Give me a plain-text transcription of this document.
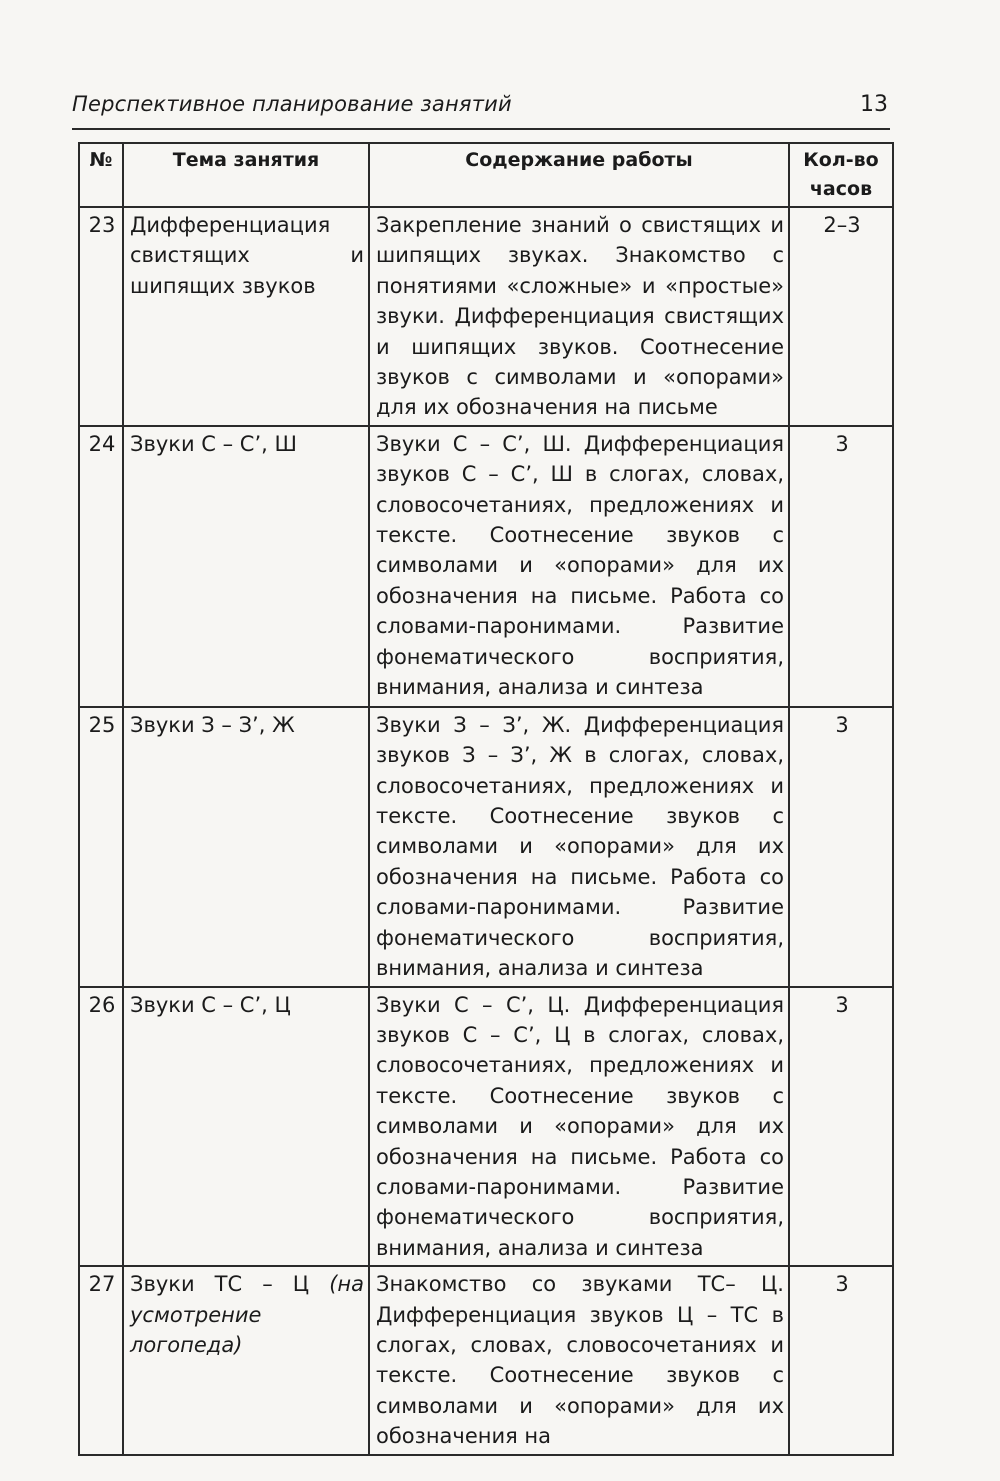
Перспективное планирование занятий	13
№	Тема занятия	Содержание работы	Кол-во часов
23	Дифференциация свистящих и шипящих звуков	Закрепление знаний о свистящих и шипящих звуках. Знакомство с понятиями «сложные» и «простые» звуки. Дифференциация свистящих и шипящих звуков. Соотнесение звуков с символами и «опорами» для их обозначения на письме	2–3
24	Звуки С – С’, Ш	Звуки С – С’, Ш. Дифференциация звуков С – С’, Ш в слогах, словах, словосочетаниях, предложениях и тексте. Соотнесение звуков с символами и «опорами» для их обозначения на письме. Работа со словами-паронимами. Развитие фонематического восприятия, внимания, анализа и синтеза	3
25	Звуки З – З’, Ж	Звуки З – З’, Ж. Дифференциация звуков З – З’, Ж в слогах, словах, словосочетаниях, предложениях и тексте. Соотнесение звуков с символами и «опорами» для их обозначения на письме. Работа со словами-паронимами. Развитие фонематического восприятия, внимания, анализа и синтеза	3
26	Звуки С – С’, Ц	Звуки С – С’, Ц. Дифференциация звуков С – С’, Ц в слогах, словах, словосочетаниях, предложениях и тексте. Соотнесение звуков с символами и «опорами» для их обозначения на письме. Работа со словами-паронимами. Развитие фонематического восприятия, внимания, анализа и синтеза	3
27	Звуки ТС – Ц (на усмотрение логопеда)	Знакомство со звуками ТС– Ц. Дифференциация звуков Ц – ТС в слогах, словах, словосочетаниях и тексте. Соотнесение звуков с символами и «опорами» для их обозначения на	3
